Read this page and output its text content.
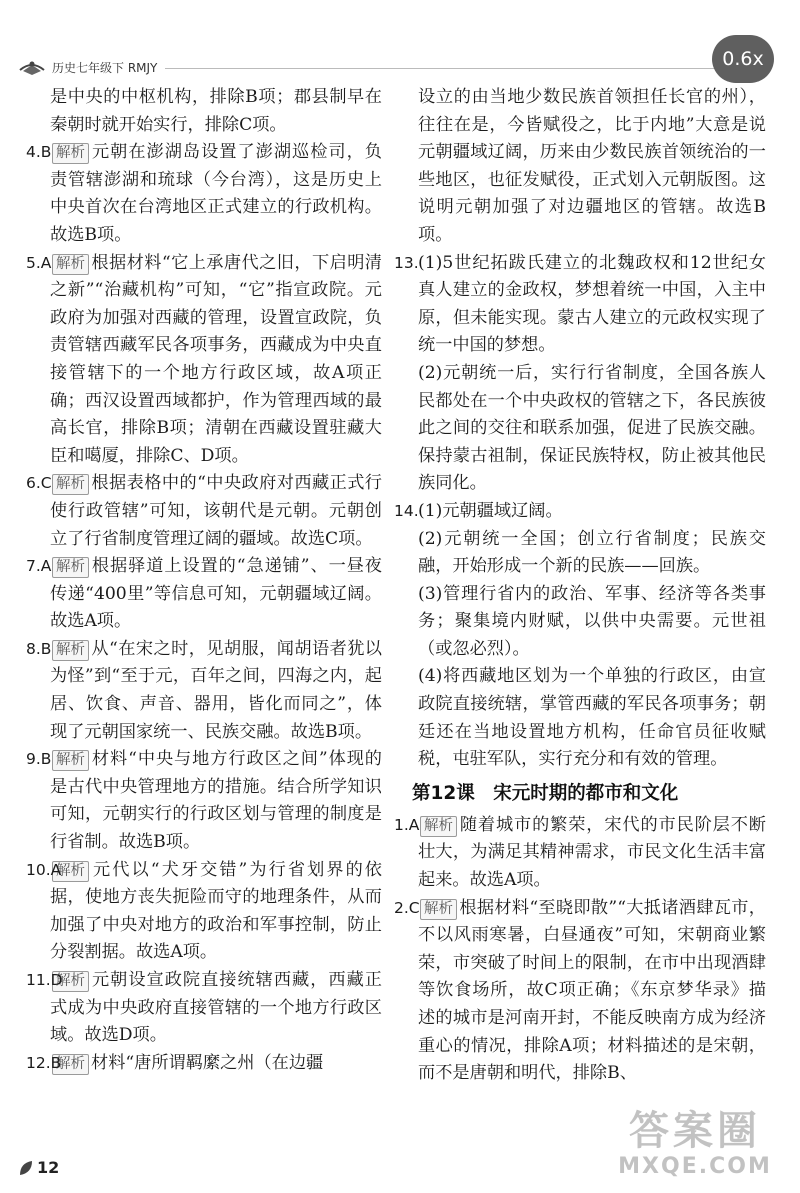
历史七年级下 RMJY	0.6x
是中央的中枢机构，排除B项；郡县制早在秦朝时就开始实行，排除C项。
4.B 解析 元朝在澎湖岛设置了澎湖巡检司，负责管辖澎湖和琉球（今台湾），这是历史上中央首次在台湾地区正式建立的行政机构。故选B项。
5.A 解析 根据材料“它上承唐代之旧，下启明清之新”“治藏机构”可知，“它”指宣政院。元政府为加强对西藏的管理，设置宣政院，负责管辖西藏军民各项事务，西藏成为中央直接管辖下的一个地方行政区域，故A项正确；西汉设置西域都护，作为管理西域的最高长官，排除B项；清朝在西藏设置驻藏大臣和噶厦，排除C、D项。
6.C 解析 根据表格中的“中央政府对西藏正式行使行政管辖”可知，该朝代是元朝。元朝创立了行省制度管理辽阔的疆域。故选C项。
7.A 解析 根据驿道上设置的“急递铺”、一昼夜传递“400里”等信息可知，元朝疆域辽阔。故选A项。
8.B 解析 从“在宋之时，见胡服，闻胡语者犹以为怪”到“至于元，百年之间，四海之内，起居、饮食、声音、器用，皆化而同之”，体现了元朝国家统一、民族交融。故选B项。
9.B 解析 材料“中央与地方行政区之间”体现的是古代中央管理地方的措施。结合所学知识可知，元朝实行的行政区划与管理的制度是行省制。故选B项。
10.A
解析 元代以“犬牙交错”为行省划界的依据，使地方丧失扼险而守的地理条件，从而加强了中央对地方的政治和军事控制，防止分裂割据。故选A项。
11.D
解析 元朝设宣政院直接统辖西藏，西藏正式成为中央政府直接管辖的一个地方行政区域。故选D项。
12.B
解析 材料“唐所谓羁縻之州（在边疆
设立的由当地少数民族首领担任长官的州），往往在是，今皆赋役之，比于内地”大意是说元朝疆域辽阔，历来由少数民族首领统治的一些地区，也征发赋役，正式划入元朝版图。这说明元朝加强了对边疆地区的管辖。故选B项。
13. (1)5世纪拓跋氏建立的北魏政权和12世纪女真人建立的金政权，梦想着统一中国，入主中原，但未能实现。蒙古人建立的元政权实现了统一中国的梦想。
(2)元朝统一后，实行行省制度，全国各族人民都处在一个中央政权的管辖之下，各民族彼此之间的交往和联系加强，促进了民族交融。保持蒙古祖制，保证民族特权，防止被其他民族同化。
14. (1)元朝疆域辽阔。
(2)元朝统一全国；创立行省制度；民族交融，开始形成一个新的民族——回族。
(3)管理行省内的政治、军事、经济等各类事务；聚集境内财赋，以供中央需要。元世祖（或忽必烈）。
(4)将西藏地区划为一个单独的行政区，由宣政院直接统辖，掌管西藏的军民各项事务；朝廷还在当地设置地方机构，任命官员征收赋税，屯驻军队，实行充分和有效的管理。
第12课　宋元时期的都市和文化
1.A 解析 随着城市的繁荣，宋代的市民阶层不断壮大，为满足其精神需求，市民文化生活丰富起来。故选A项。
2.C 解析 根据材料“至晓即散”“大抵诸酒肆瓦市，不以风雨寒暑，白昼通夜”可知，宋朝商业繁荣，市突破了时间上的限制，在市中出现酒肆等饮食场所，故C项正确；《东京梦华录》描述的城市是河南开封，不能反映南方成为经济重心的情况，排除A项；材料描述的是宋朝，而不是唐朝和明代，排除B、
12
答案圈
MXQE.COM
